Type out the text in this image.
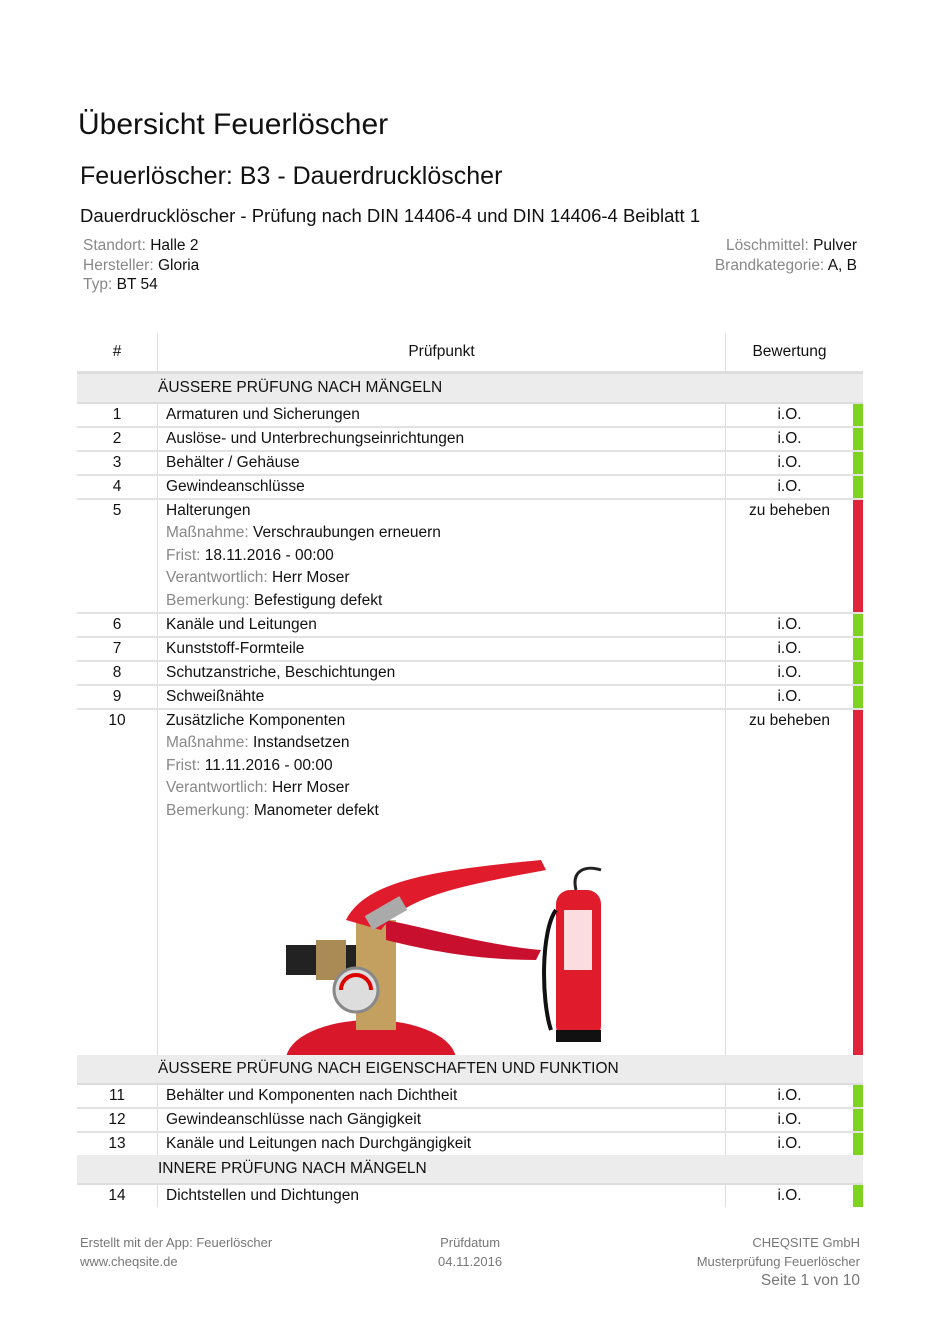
Übersicht Feuerlöscher
Feuerlöscher: B3 - Dauerdrucklöscher
Dauerdrucklöscher - Prüfung nach DIN 14406-4 und DIN 14406-4 Beiblatt 1
Standort: Halle 2
Hersteller: Gloria
Typ: BT 54
Löschmittel: Pulver
Brandkategorie: A, B
#	Prüfpunkt	Bewertung	
ÄUSSERE PRÜFUNG NACH MÄNGELN			
1	Armaturen und Sicherungen	i.O.	
2	Auslöse- und Unterbrechungseinrichtungen	i.O.	
3	Behälter / Gehäuse	i.O.	
4	Gewindeanschlüsse	i.O.	
5	Halterungen
Maßnahme: Verschraubungen erneuern
Frist: 18.11.2016 - 00:00
Verantwortlich: Herr Moser
Bemerkung: Befestigung defekt	zu beheben	
6	Kanäle und Leitungen	i.O.	
7	Kunststoff-Formteile	i.O.	
8	Schutzanstriche, Beschichtungen	i.O.	
9	Schweißnähte	i.O.	
10	Zusätzliche Komponenten
Maßnahme: Instandsetzen
Frist: 11.11.2016 - 00:00
Verantwortlich: Herr Moser
Bemerkung: Manometer defekt	zu beheben	
ÄUSSERE PRÜFUNG NACH EIGENSCHAFTEN UND FUNKTION			
11	Behälter und Komponenten nach Dichtheit	i.O.	
12	Gewindeanschlüsse nach Gängigkeit	i.O.	
13	Kanäle und Leitungen nach Durchgängigkeit	i.O.	
INNERE PRÜFUNG NACH MÄNGELN			
14	Dichtstellen und Dichtungen	i.O.	
Erstellt mit der App: Feuerlöscher
www.cheqsite.de
Prüfdatum
04.11.2016
CHEQSITE GmbH
Musterprüfung Feuerlöscher
Seite 1 von 10
